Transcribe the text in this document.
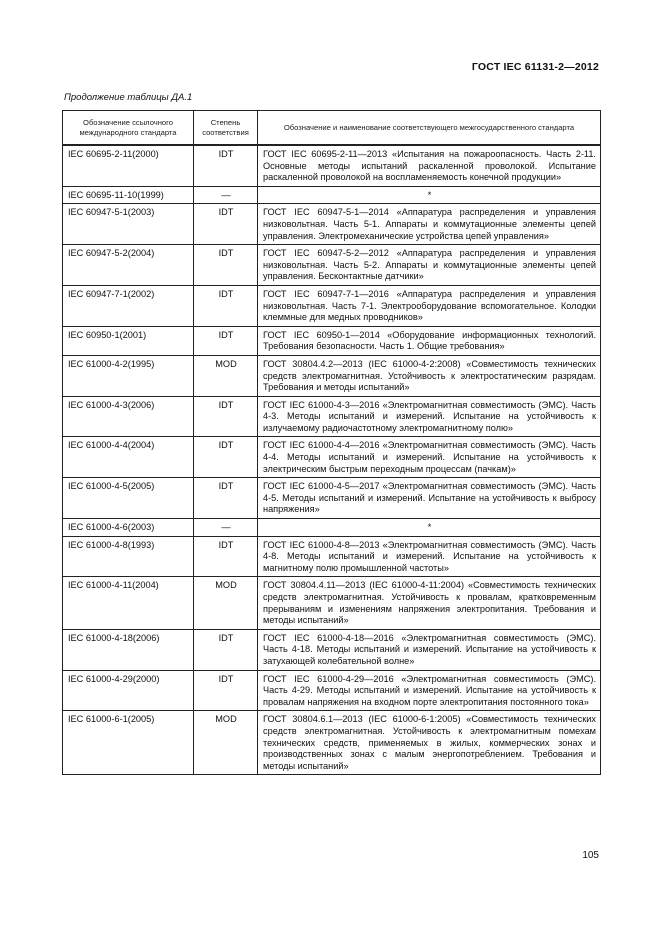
ГОСТ IEC 61131-2—2012
Продолжение таблицы ДА.1
Обозначение ссылочного международного стандарта	Степень соответствия	Обозначение и наименование соответствующего межгосударственного стандарта
IEC 60695-2-11(2000)	IDT	ГОСТ IEC 60695-2-11—2013 «Испытания на пожароопасность. Часть 2-11. Основные методы испытаний раскаленной проволокой. Испытание раскаленной проволокой на воспламеняемость конечной продукции»
IEC 60695-11-10(1999)	—	*
IEC 60947-5-1(2003)	IDT	ГОСТ IEC 60947-5-1—2014 «Аппаратура распределения и управления низковольтная. Часть 5-1. Аппараты и коммутационные элементы цепей управления. Электромеханические устройства цепей управления»
IEC 60947-5-2(2004)	IDT	ГОСТ IEC 60947-5-2—2012 «Аппаратура распределения и управления низковольтная. Часть 5-2. Аппараты и коммутационные элементы цепей управления. Бесконтактные датчики»
IEC 60947-7-1(2002)	IDT	ГОСТ IEC 60947-7-1—2016 «Аппаратура распределения и управления низковольтная. Часть 7-1. Электрооборудование вспомогательное. Колодки клеммные для медных проводников»
IEC 60950-1(2001)	IDT	ГОСТ IEC 60950-1—2014 «Оборудование информационных технологий. Требования безопасности. Часть 1. Общие требования»
IEC 61000-4-2(1995)	MOD	ГОСТ 30804.4.2—2013 (IEC 61000-4-2:2008) «Совместимость технических средств электромагнитная. Устойчивость к электростатическим разрядам. Требования и методы испытаний»
IEC 61000-4-3(2006)	IDT	ГОСТ IEC 61000-4-3—2016 «Электромагнитная совместимость (ЭМС). Часть 4-3. Методы испытаний и измерений. Испытание на устойчивость к излучаемому радиочастотному электромагнитному полю»
IEC 61000-4-4(2004)	IDT	ГОСТ IEC 61000-4-4—2016 «Электромагнитная совместимость (ЭМС). Часть 4-4. Методы испытаний и измерений. Испытание на устойчивость к электрическим быстрым переходным процессам (пачкам)»
IEC 61000-4-5(2005)	IDT	ГОСТ IEC 61000-4-5—2017 «Электромагнитная совместимость (ЭМС). Часть 4-5. Методы испытаний и измерений. Испытание на устойчивость к выбросу напряжения»
IEC 61000-4-6(2003)	—	*
IEC 61000-4-8(1993)	IDT	ГОСТ IEC 61000-4-8—2013 «Электромагнитная совместимость (ЭМС). Часть 4-8. Методы испытаний и измерений. Испытание на устойчивость к магнитному полю промышленной частоты»
IEC 61000-4-11(2004)	MOD	ГОСТ 30804.4.11—2013 (IEC 61000-4-11:2004) «Совместимость технических средств электромагнитная. Устойчивость к провалам, кратковременным прерываниям и изменениям напряжения электропитания. Требования и методы испытаний»
IEC 61000-4-18(2006)	IDT	ГОСТ IEC 61000-4-18—2016 «Электромагнитная совместимость (ЭМС). Часть 4-18. Методы испытаний и измерений. Испытание на устойчивость к затухающей колебательной волне»
IEC 61000-4-29(2000)	IDT	ГОСТ IEC 61000-4-29—2016 «Электромагнитная совместимость (ЭМС). Часть 4-29. Методы испытаний и измерений. Испытание на устойчивость к провалам напряжения на входном порте электропитания постоянного тока»
IEC 61000-6-1(2005)	MOD	ГОСТ 30804.6.1—2013 (IEC 61000-6-1:2005) «Совместимость технических средств электромагнитная. Устойчивость к электромагнитным помехам технических средств, применяемых в жилых, коммерческих зонах и производственных зонах с малым энергопотреблением. Требования и методы испытаний»
105
